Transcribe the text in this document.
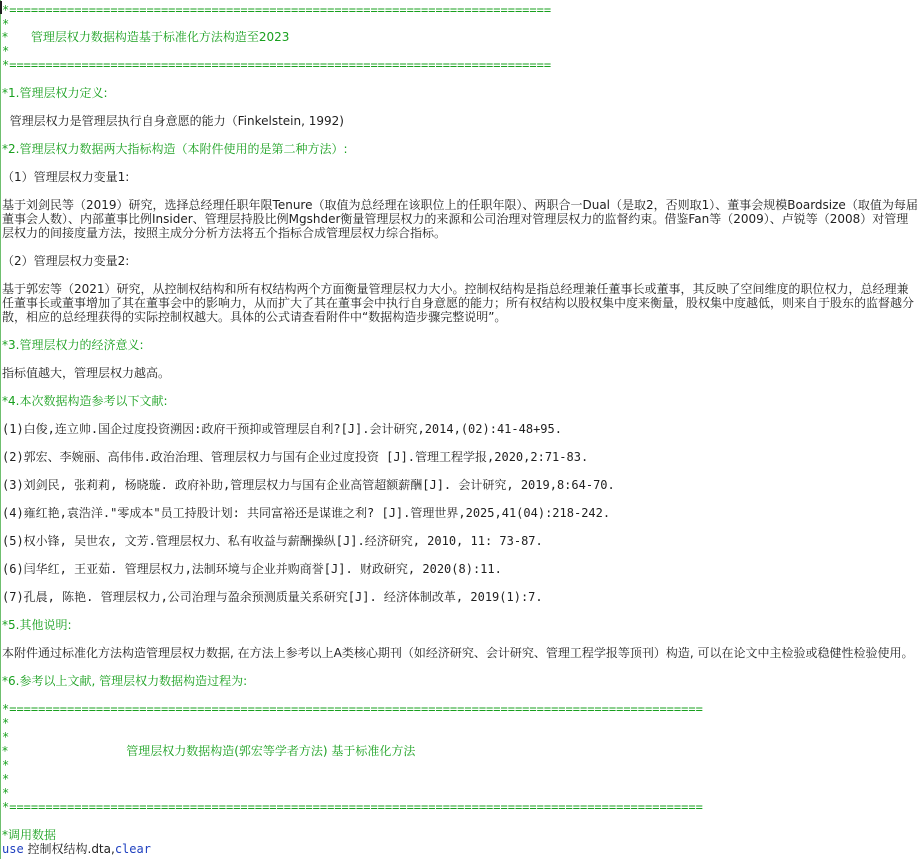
*===========================================================================
*
*      管理层权力数据构造基于标准化方法构造至2023
*
*===========================================================================
*1.管理层权力定义:
管理层权力是管理层执行自身意愿的能力（Finkelstein, 1992)
*2.管理层权力数据两大指标构造（本附件使用的是第二种方法）:
（1）管理层权力变量1:
基于刘剑民等（2019）研究，选择总经理任职年限Tenure（取值为总经理在该职位上的任职年限）、两职合一Dual（是取2，否则取1）、董事会规模Boardsize（取值为每届董事会人数）、内部董事比例Insider、管理层持股比例Mgshder衡量管理层权力的来源和公司治理对管理层权力的监督约束。借鉴Fan等（2009）、卢锐等（2008）对管理层权力的间接度量方法，按照主成分分析方法将五个指标合成管理层权力综合指标。
（2）管理层权力变量2:
基于郭宏等（2021）研究，从控制权结构和所有权结构两个方面衡量管理层权力大小。控制权结构是指总经理兼任董事长或董事，其反映了空间维度的职位权力，总经理兼任董事长或董事增加了其在董事会中的影响力，从而扩大了其在董事会中执行自身意愿的能力；所有权结构以股权集中度来衡量，股权集中度越低，则来自于股东的监督越分散，相应的总经理获得的实际控制权越大。具体的公式请查看附件中“数据构造步骤完整说明”。
*3.管理层权力的经济意义:
指标值越大，管理层权力越高。
*4.本次数据构造参考以下文献:
(1)白俊,连立帅.国企过度投资溯因:政府干预抑或管理层自利?[J].会计研究,2014,(02):41-48+95.
(2)郭宏、李婉丽、高伟伟.政治治理、管理层权力与国有企业过度投资 [J].管理工程学报,2020,2:71-83.
(3)刘剑民, 张莉莉, 杨晓璇. 政府补助,管理层权力与国有企业高管超额薪酬[J]. 会计研究, 2019,8:64-70.
(4)雍红艳,袁浩洋."零成本"员工持股计划: 共同富裕还是谋谁之利? [J].管理世界,2025,41(04):218-242.
(5)权小锋, 吴世农, 文芳.管理层权力、私有收益与薪酬操纵[J].经济研究, 2010, 11: 73-87.
(6)闫华红, 王亚茹. 管理层权力,法制环境与企业并购商誉[J]. 财政研究, 2020(8):11.
(7)孔晨, 陈艳. 管理层权力,公司治理与盈余预测质量关系研究[J]. 经济体制改革, 2019(1):7.
*5.其他说明:
本附件通过标准化方法构造管理层权力数据, 在方法上参考以上A类核心期刊（如经济研究、会计研究、管理工程学报等顶刊）构造, 可以在论文中主检验或稳健性检验使用。
*6.参考以上文献, 管理层权力数据构造过程为:
*================================================================================================
*
*
*                               管理层权力数据构造(郭宏等学者方法) 基于标准化方法
*
*
*
*================================================================================================
*调用数据
use 控制权结构.dta,clear
